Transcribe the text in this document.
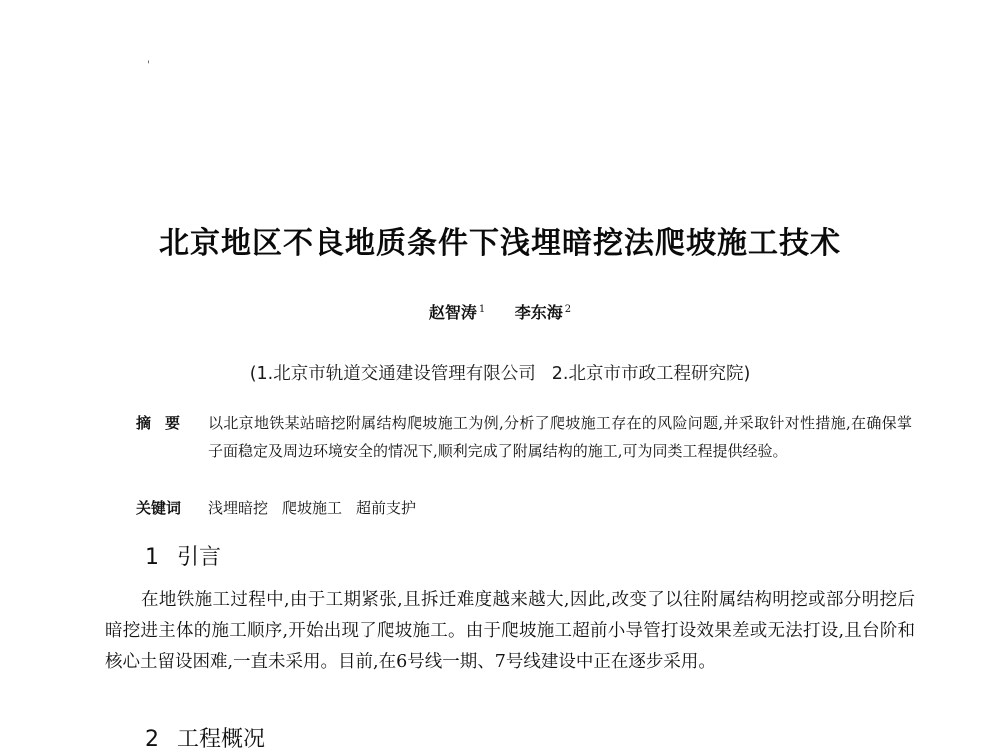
'
北京地区不良地质条件下浅埋暗挖法爬坡施工技术
赵智涛 $^1$ 李东海 $^2$
(1.北京市轨道交通建设管理有限公司 2.北京市市政工程研究院)
摘要 以北京地铁某站暗挖附属结构爬坡施工为例,分析了爬坡施工存在的风险问题,并采取针对性措施,在确保掌子面稳定及周边环境安全的情况下,顺利完成了附属结构的施工,可为同类工程提供经验。
关键词 浅埋暗挖 爬坡施工 超前支护
1 引言
在地铁施工过程中,由于工期紧张,且拆迁难度越来越大,因此,改变了以往附属结构明挖或部分明挖后暗挖进主体的施工顺序,开始出现了爬坡施工。由于爬坡施工超前小导管打设效果差或无法打设,且台阶和核心土留设困难,一直未采用。目前,在6号线一期、7号线建设中正在逐步采用。
2 工程概况
